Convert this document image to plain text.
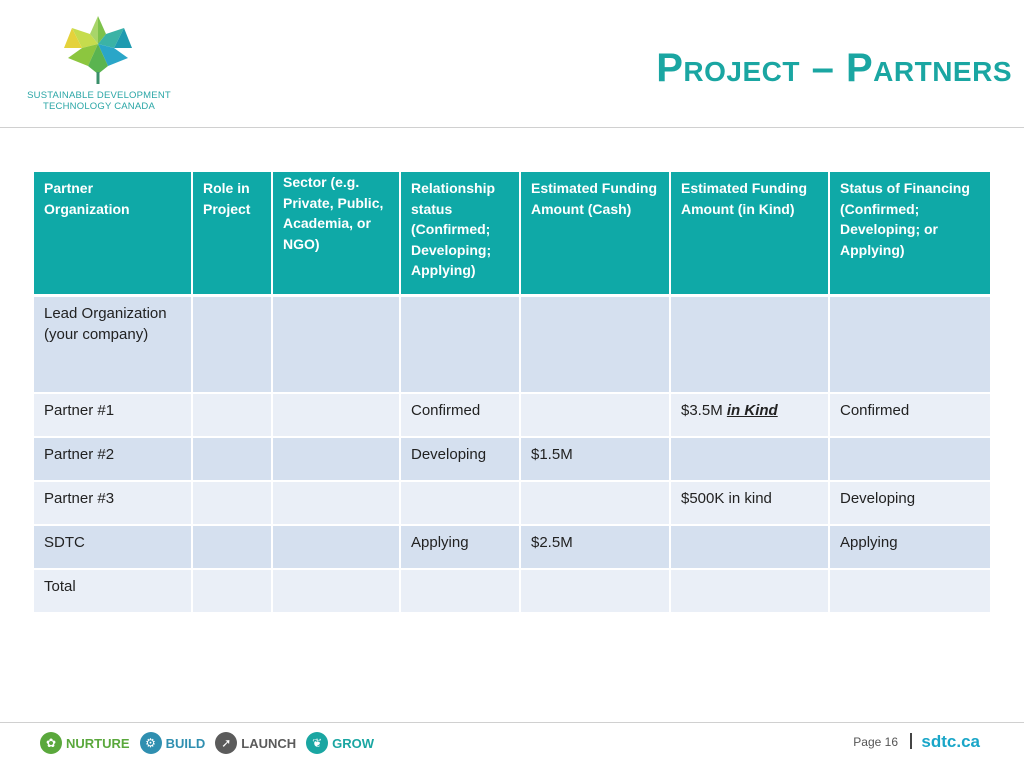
SUSTAINABLE DEVELOPMENT
TECHNOLOGY CANADA
Project – Partners
Partner Organization	Role in Project	Sector (e.g. Private, Public, Academia, or NGO)	Relationship status (Confirmed; Developing; Applying)	Estimated Funding Amount (Cash)	Estimated Funding Amount (in Kind)	Status of Financing (Confirmed; Developing; or Applying)
Lead Organization (your company)						
Partner #1			Confirmed		$3.5M in Kind	Confirmed
Partner #2			Developing	$1.5M		
Partner #3					$500K in kind	Developing
SDTC			Applying	$2.5M		Applying
Total						
✿ NURTURE	⚙ BUILD	➚ LAUNCH	❦ GROW	Page 16 sdtc.ca
